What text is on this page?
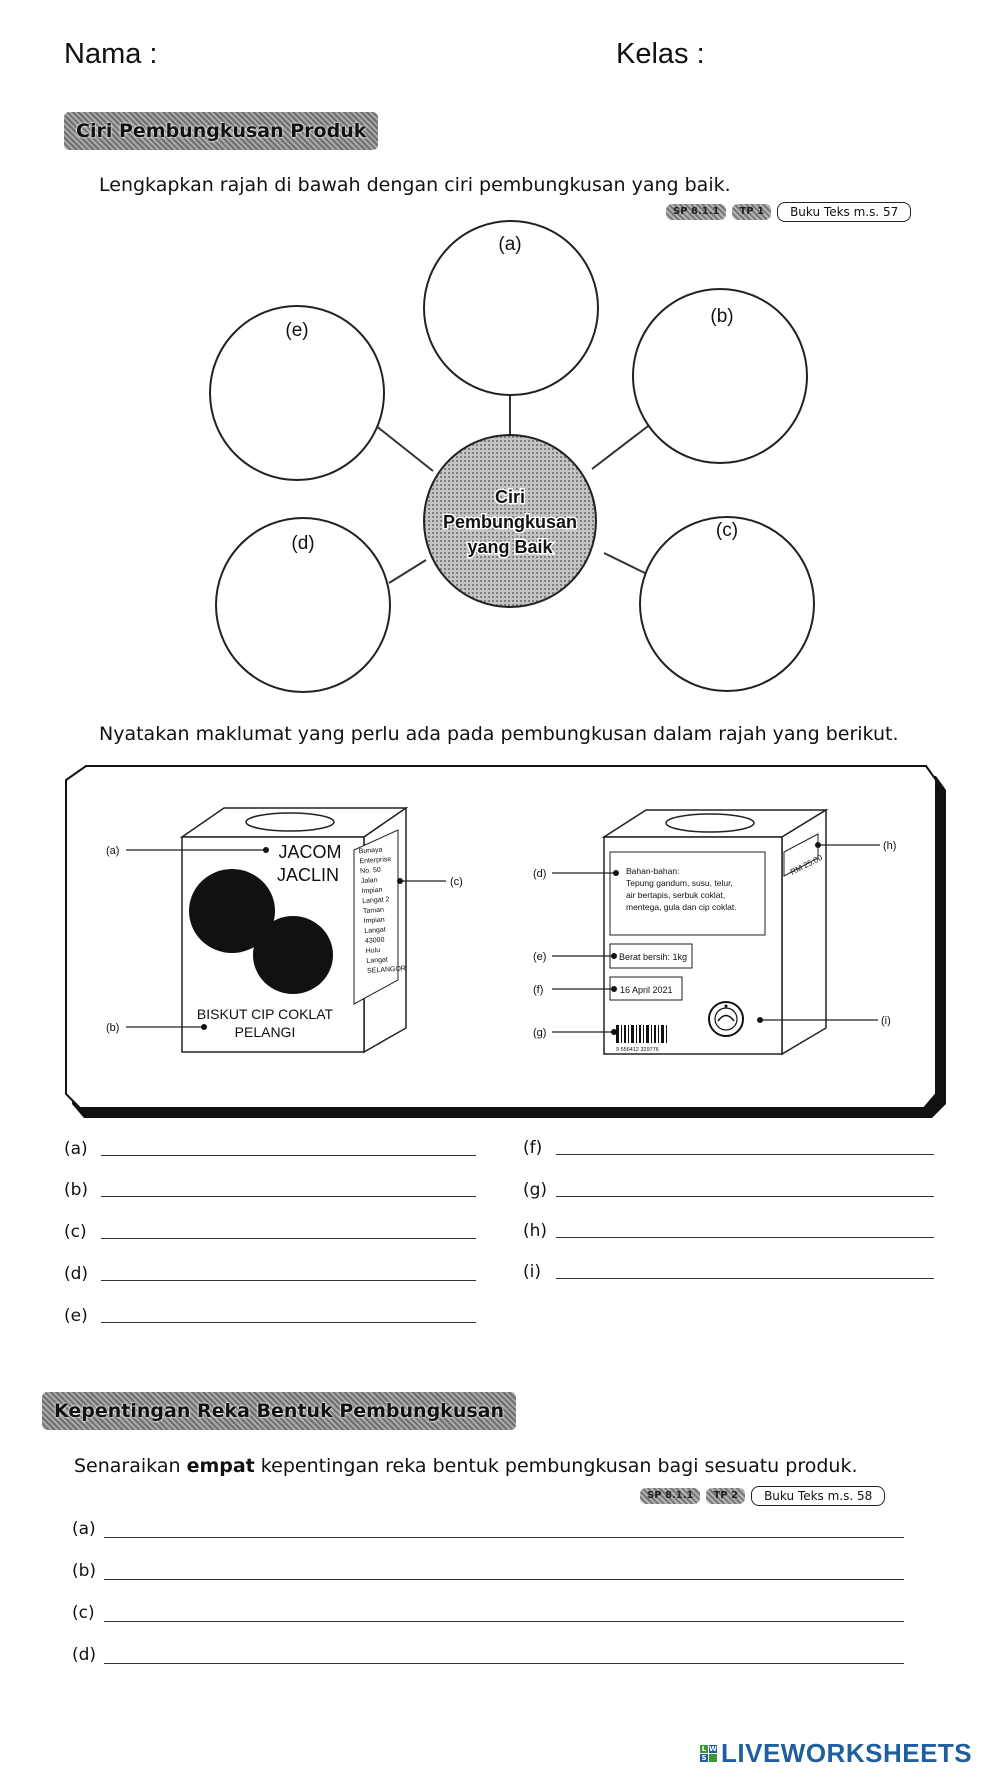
Nama :	Kelas :
Ciri Pembungkusan Produk
Lengkapkan rajah di bawah dengan ciri pembungkusan yang baik.
SP 8.1.1	TP 1	Buku Teks m.s. 57
(a)
(b)
(c)
(d)
(e)
Ciri
Pembungkusan
yang Baik
Nyatakan maklumat yang perlu ada pada pembungkusan dalam rajah yang berikut.
JACOM
JACLIN
BISKUT CIP COKLAT
PELANGI
Bunaya
Enterprise
No. 50
Jalan
Impian
Langat 2
Taman
Impian
Langat
43000
Hulu
Langat
SELANGOR
(a)
(c)
(b)
Bahan-bahan:
Tepung gandum, susu, telur,
air bertapis, serbuk coklat,
mentega, gula dan cip coklat.
Berat bersih: 1kg
16 April 2021
9 556412 329776
RM 25.00
(d)
(e)
(f)
(g)
(h)
(i)
(a)
(b)
(c)
(d)
(e)
(f)
(g)
(h)
(i)
Kepentingan Reka Bentuk Pembungkusan
Senaraikan empat kepentingan reka bentuk pembungkusan bagi sesuatu produk.
SP 8.1.1	TP 2	Buku Teks m.s. 58
(a)
(b)
(c)
(d)
L W
S LIVEWORKSHEETS
